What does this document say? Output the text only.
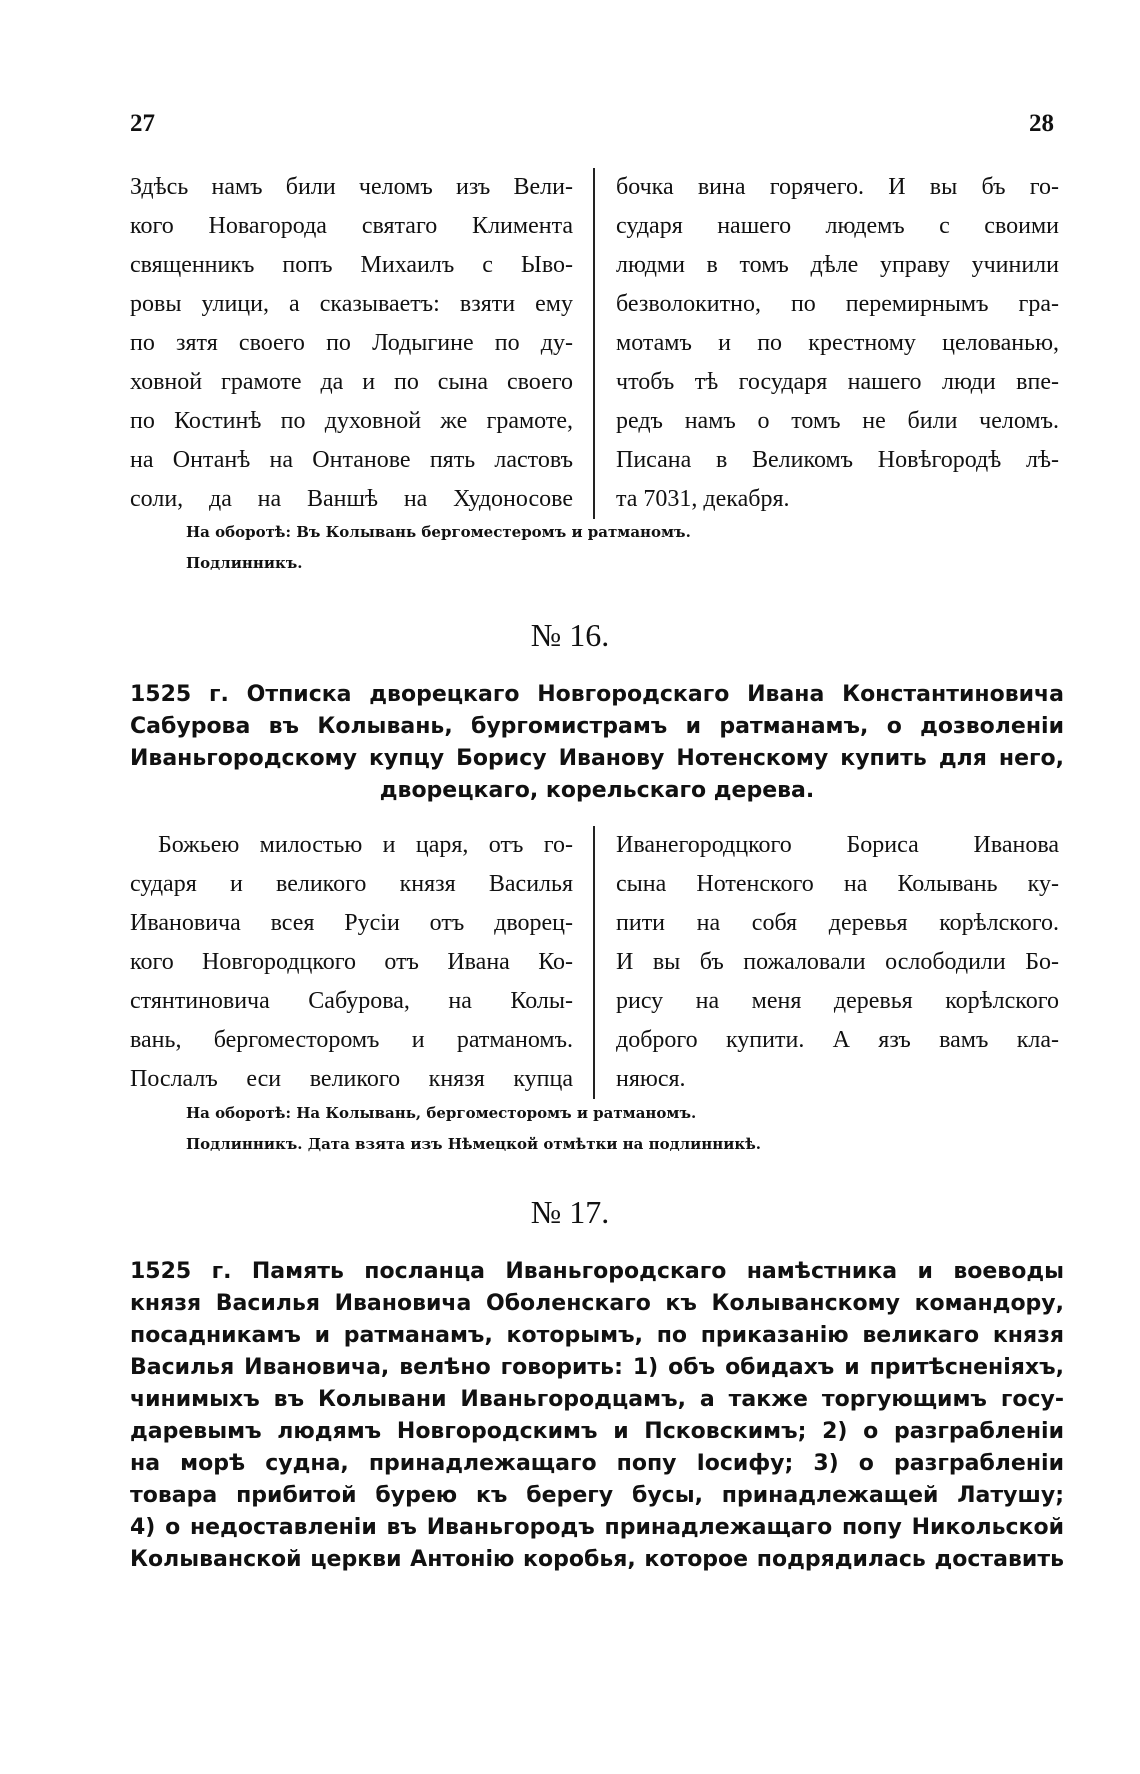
27	28
Здѣсь намъ били челомъ изъ Вели-
кого Новагорода святаго Климента
священникъ попъ Михаилъ с Ыво-
ровы улици, а сказываетъ: взяти ему
по зятя своего по Лодыгине по ду-
ховной грамоте да и по сына своего
по Костинѣ по духовной же грамоте,
на Онтанѣ на Онтанове пять ластовъ
соли, да на Ваншѣ на Худоносове
бочка вина горячего. И вы бъ го-
сударя нашего людемъ с своими
людми в томъ дѣле управу учинили
безволокитно, по перемирнымъ гра-
мотамъ и по крестному целованью,
чтобъ тѣ государя нашего люди впе-
редъ намъ о томъ не били челомъ.
Писана в Великомъ Новѣгородѣ лѣ-
та 7031, декабря.
На оборотѣ: Въ Колывань бергоместеромъ и ратманомъ.
Подлинникъ.
№ 16.
1525 г. Отписка дворецкаго Новгородскаго Ивана Константиновича
Сабурова въ Колывань, бургомистрамъ и ратманамъ, о дозволеніи
Иваньгородскому купцу Борису Иванову Нотенскому купить для него,
дворецкаго, корельскаго дерева.
Божьею милостью и царя, отъ го-
сударя и великого князя Василья
Ивановича всея Русіи отъ дворец-
кого Новгородцкого отъ Ивана Ко-
стянтиновича Сабурова, на Колы-
вань, бергоместоромъ и ратманомъ.
Послалъ еси великого князя купца
Иванегородцкого Бориса Иванова
сына Нотенского на Колывань ку-
пити на собя деревья корѣлского.
И вы бъ пожаловали ослободили Бо-
рису на меня деревья корѣлского
доброго купити. А язъ вамъ кла-
няюся.
На оборотѣ: На Колывань, бергоместоромъ и ратманомъ.
Подлинникъ. Дата взята изъ Нѣмецкой отмѣтки на подлинникѣ.
№ 17.
1525 г. Память посланца Иваньгородскаго намѣстника и воеводы
князя Василья Ивановича Оболенскаго къ Колыванскому командору,
посадникамъ и ратманамъ, которымъ, по приказанію великаго князя
Василья Ивановича, велѣно говорить: 1) объ обидахъ и притѣсненіяхъ,
чинимыхъ въ Колывани Иваньгородцамъ, а также торгующимъ госу-
даревымъ людямъ Новгородскимъ и Псковскимъ; 2) о разграбленіи
на морѣ судна, принадлежащаго попу Іосифу; 3) о разграбленіи
товара прибитой бурею къ берегу бусы, принадлежащей Латушу;
4) о недоставленіи въ Иваньгородъ принадлежащаго попу Никольской
Колыванской церкви Антонію коробья, которое подрядилась доставить
